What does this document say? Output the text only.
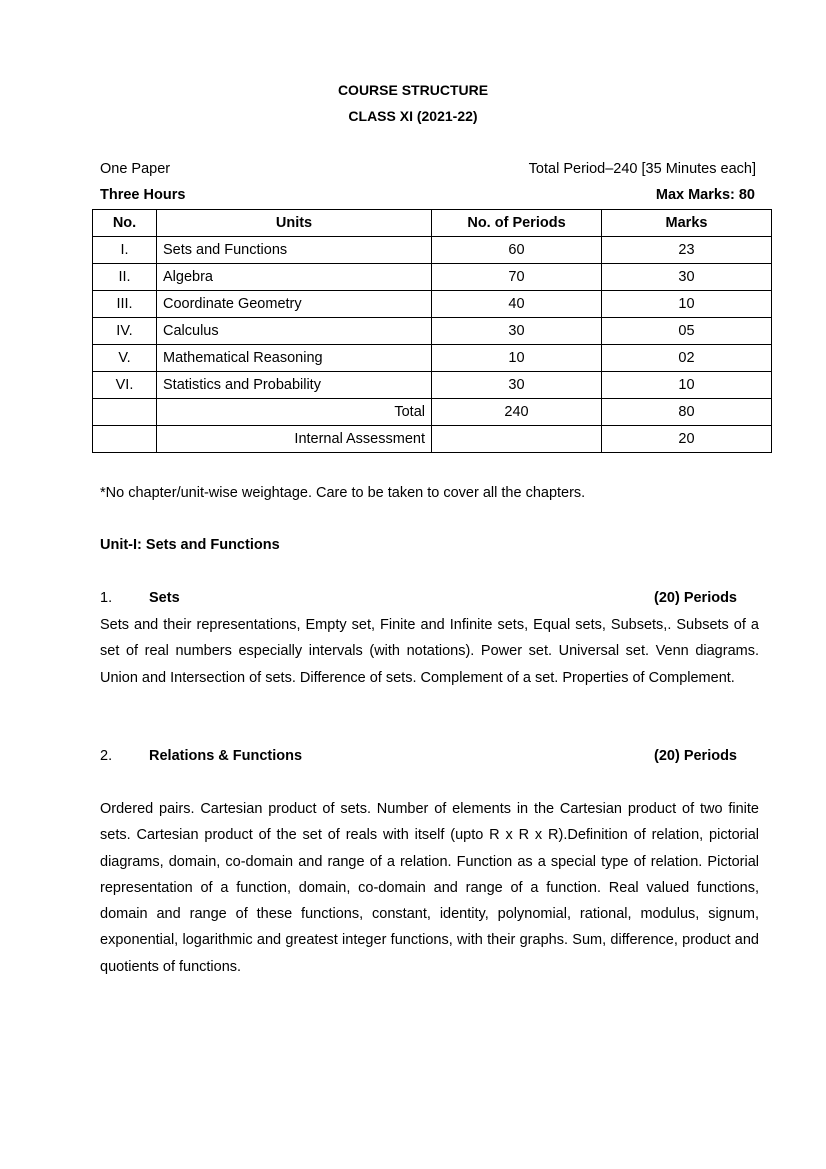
COURSE STRUCTURE
CLASS XI (2021-22)
One Paper	Total Period–240 [35 Minutes each]
Three Hours	Max Marks: 80
No.	Units	No. of Periods	Marks
I.	Sets and Functions	60	23
II.	Algebra	70	30
III.	Coordinate Geometry	40	10
IV.	Calculus	30	05
V.	Mathematical Reasoning	10	02
VI.	Statistics and Probability	30	10
	Total	240	80
	Internal Assessment		20
*No chapter/unit-wise weightage. Care to be taken to cover all the chapters.
Unit-I: Sets and Functions
1.	Sets	(20) Periods
Sets and their representations, Empty set, Finite and Infinite sets, Equal sets, Subsets,. Subsets of a set of real numbers especially intervals (with notations). Power set. Universal set. Venn diagrams. Union and Intersection of sets. Difference of sets. Complement of a set. Properties of Complement.
2.	Relations & Functions	(20) Periods
Ordered pairs. Cartesian product of sets. Number of elements in the Cartesian product of two finite sets. Cartesian product of the set of reals with itself (upto R x R x R).Definition of relation, pictorial diagrams, domain, co-domain and range of a relation. Function as a special type of relation. Pictorial representation of a function, domain, co-domain and range of a function. Real valued functions, domain and range of these functions, constant, identity, polynomial, rational, modulus, signum, exponential, logarithmic and greatest integer functions, with their graphs. Sum, difference, product and quotients of functions.
